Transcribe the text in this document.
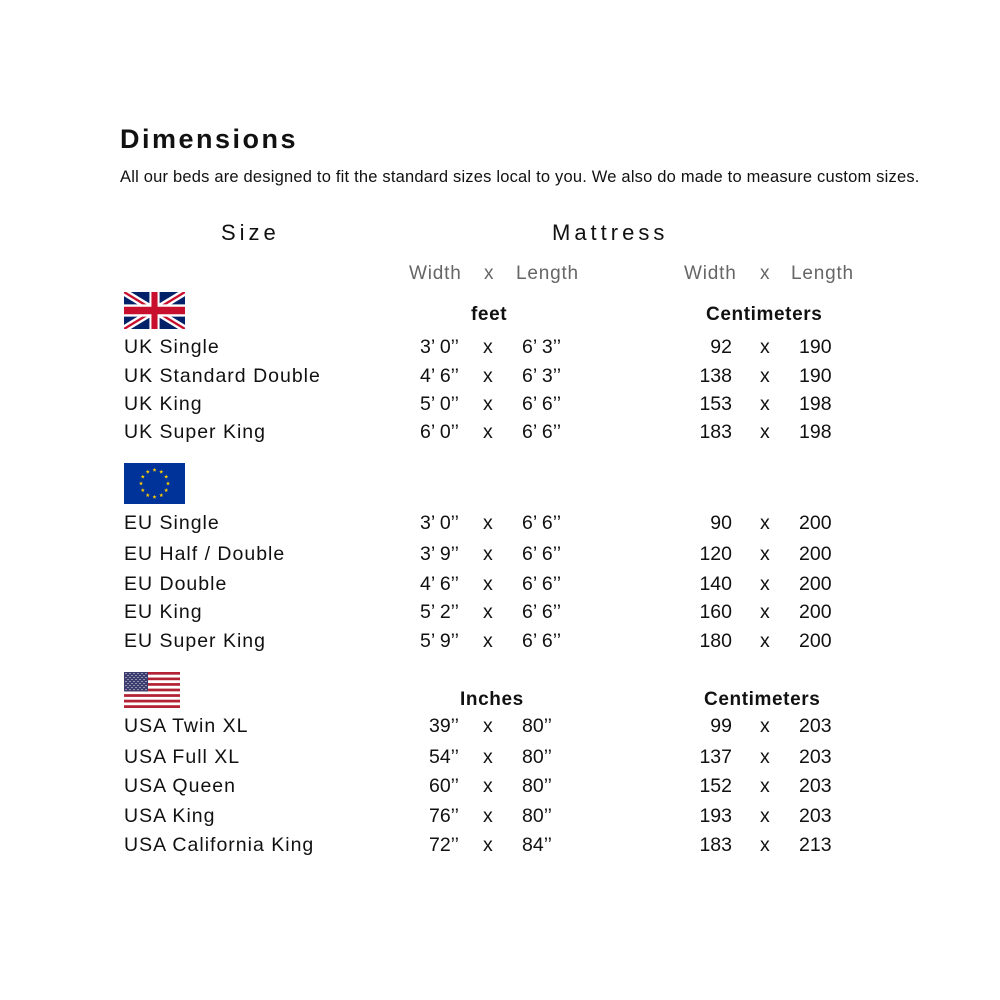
Dimensions
All our beds are designed to fit the standard sizes local to you. We also do made to measure custom sizes.
Size	Mattress
Width x Length	Width x Length
feet	Centimeters
UK Single	3’ 0’’ x 6’ 3’’	92 x 190
UK Standard Double	4’ 6’’ x 6’ 3’’	138 x 190
UK King	5’ 0’’ x 6’ 6’’	153 x 198
UK Super King	6’ 0’’ x 6’ 6’’	183 x 198
EU Single	3’ 0’’ x 6’ 6’’	90 x 200
EU Half / Double	3’ 9’’ x 6’ 6’’	120 x 200
EU Double	4’ 6’’ x 6’ 6’’	140 x 200
EU King	5’ 2’’ x 6’ 6’’	160 x 200
EU Super King	5’ 9’’ x 6’ 6’’	180 x 200
Inches	Centimeters
USA Twin XL	39’’ x 80’’	99 x 203
USA Full XL	54’’ x 80’’	137 x 203
USA Queen	60’’ x 80’’	152 x 203
USA King	76’’ x 80’’	193 x 203
USA California King	72’’ x 84’’	183 x 213
